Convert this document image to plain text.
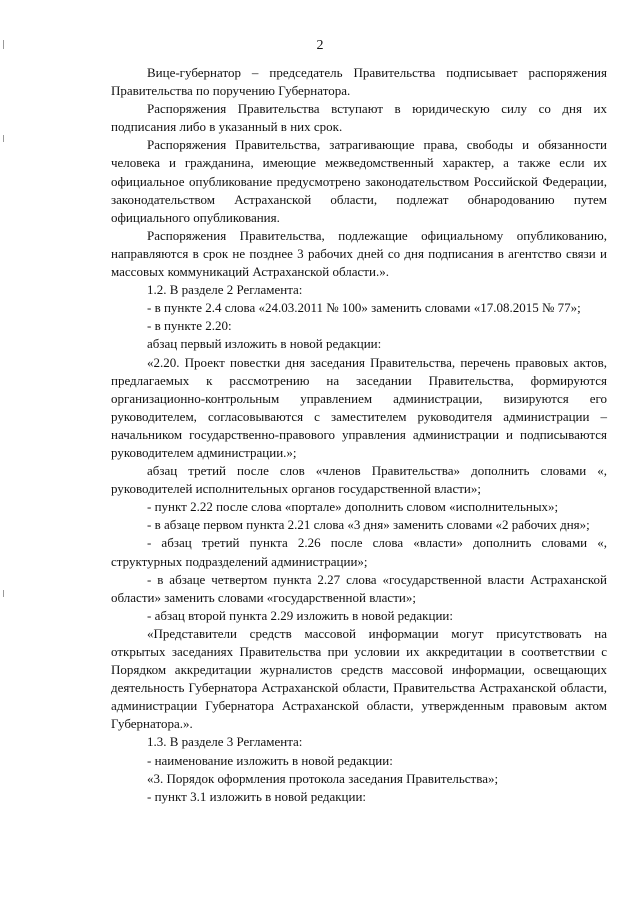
2

Вице-губернатор – председатель Правительства подписывает распоряжения Правительства по поручению Губернатора.

Распоряжения Правительства вступают в юридическую силу со дня их подписания либо в указанный в них срок.

Распоряжения Правительства, затрагивающие права, свободы и обязанности человека и гражданина, имеющие межведомственный характер, а также если их официальное опубликование предусмотрено законодательством Российской Федерации, законодательством Астраханской области, подлежат обнародованию путем официального опубликования.

Распоряжения Правительства, подлежащие официальному опубликованию, направляются в срок не позднее 3 рабочих дней со дня подписания в агентство связи и массовых коммуникаций Астраханской области.».

1.2. В разделе 2 Регламента:

- в пункте 2.4 слова «24.03.2011 № 100» заменить словами «17.08.2015 № 77»;

- в пункте 2.20:

абзац первый изложить в новой редакции:

«2.20. Проект повестки дня заседания Правительства, перечень правовых актов, предлагаемых к рассмотрению на заседании Правительства, формируются организационно-контрольным управлением администрации, визируются его руководителем, согласовываются с заместителем руководителя администрации – начальником государственно-правового управления администрации и подписываются руководителем администрации.»;

абзац третий после слов «членов Правительства» дополнить словами «, руководителей исполнительных органов государственной власти»;

- пункт 2.22 после слова «портале» дополнить словом «исполнительных»;

- в абзаце первом пункта 2.21 слова «3 дня» заменить словами «2 рабочих дня»;

- абзац третий пункта 2.26 после слова «власти» дополнить словами «, структурных подразделений администрации»;

- в абзаце четвертом пункта 2.27 слова «государственной власти Астраханской области» заменить словами «государственной власти»;

- абзац второй пункта 2.29 изложить в новой редакции:

«Представители средств массовой информации могут присутствовать на открытых заседаниях Правительства при условии их аккредитации в соответствии с Порядком аккредитации журналистов средств массовой информации, освещающих деятельность Губернатора Астраханской области, Правительства Астраханской области, администрации Губернатора Астраханской области, утвержденным правовым актом Губернатора.».

1.3. В разделе 3 Регламента:

- наименование изложить в новой редакции:

«3. Порядок оформления протокола заседания Правительства»;

- пункт 3.1 изложить в новой редакции:
